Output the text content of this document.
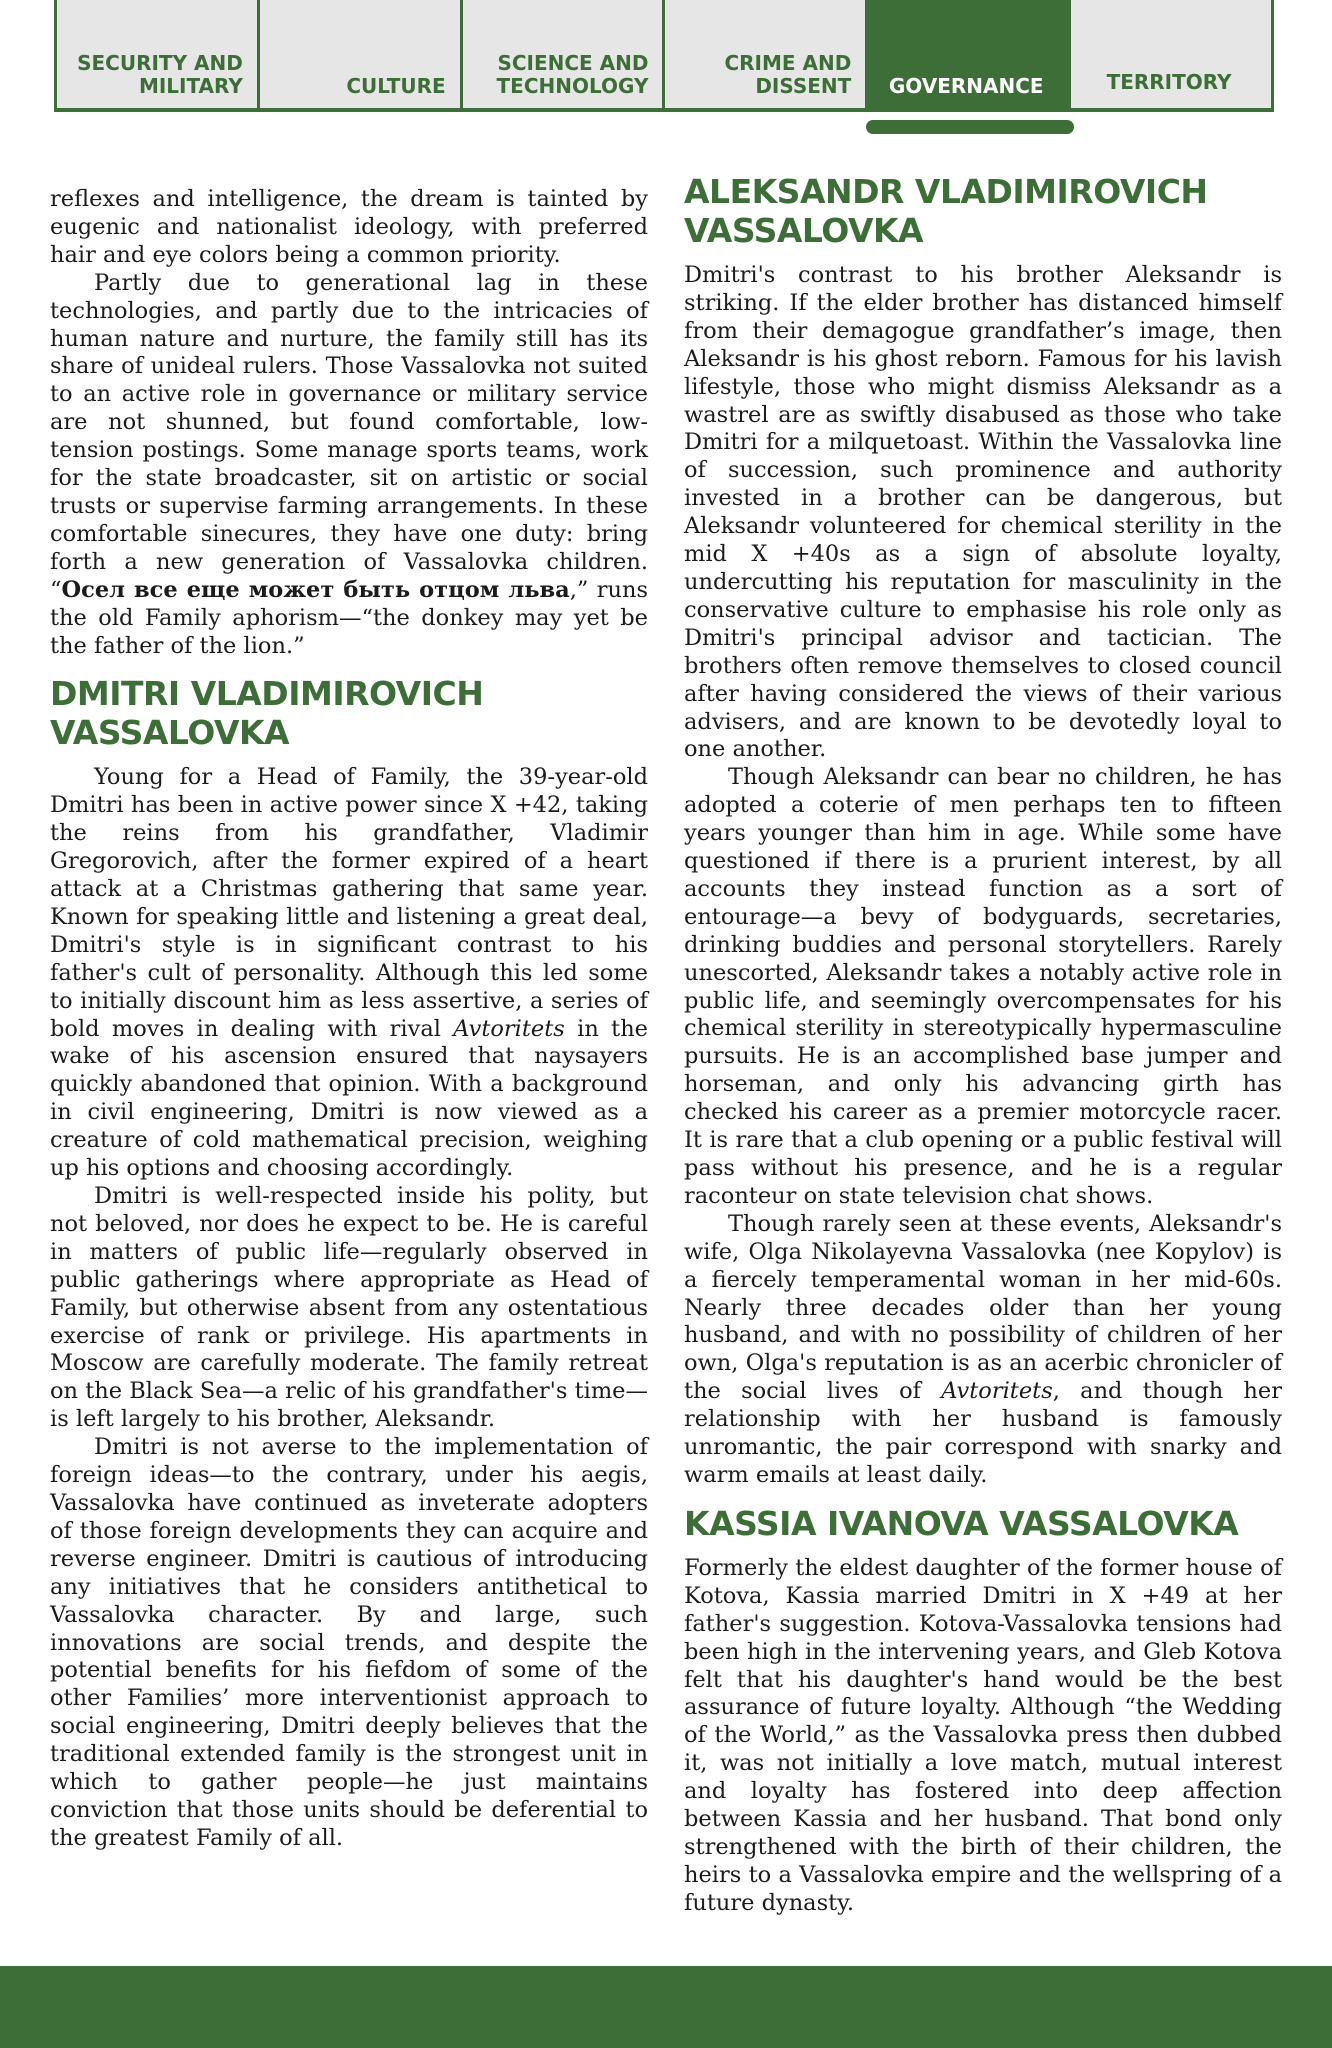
SECURITY AND MILITARY	CULTURE
SCIENCE AND TECHNOLOGY
CRIME AND DISSENT	GOVERNANCE	TERRITORY

reflexes and intelligence, the dream is tainted by eugenic and nationalist ideology, with preferred hair and eye colors being a common priority.

Partly due to generational lag in these technologies, and partly due to the intricacies of human nature and nurture, the family still has its share of unideal rulers. Those Vassalovka not suited to an active role in governance or military service are not shunned, but found comfortable, low-tension postings. Some manage sports teams, work for the state broadcaster, sit on artistic or social trusts or supervise farming arrangements. In these comfortable sinecures, they have one duty: bring forth a new generation of Vassalovka children. “Осел все еще может быть отцом льва,” runs the old Family aphorism—“the donkey may yet be the father of the lion.”

DMITRI VLADIMIROVICH VASSALOVKA

Young for a Head of Family, the 39-year-old Dmitri has been in active power since X +42, taking the reins from his grandfather, Vladimir Gregorovich, after the former expired of a heart attack at a Christmas gathering that same year. Known for speaking little and listening a great deal, Dmitri's style is in significant contrast to his father's cult of personality. Although this led some to initially discount him as less assertive, a series of bold moves in dealing with rival Avtoritets in the wake of his ascension ensured that naysayers quickly abandoned that opinion. With a background in civil engineering, Dmitri is now viewed as a creature of cold mathematical precision, weighing up his options and choosing accordingly.

Dmitri is well-respected inside his polity, but not beloved, nor does he expect to be. He is careful in matters of public life—regularly observed in public gatherings where appropriate as Head of Family, but otherwise absent from any ostentatious exercise of rank or privilege. His apartments in Moscow are carefully moderate. The family retreat on the Black Sea—a relic of his grandfather's time—is left largely to his brother, Aleksandr.

Dmitri is not averse to the implementation of foreign ideas—to the contrary, under his aegis, Vassalovka have continued as inveterate adopters of those foreign developments they can acquire and reverse engineer. Dmitri is cautious of introducing any initiatives that he considers antithetical to Vassalovka character. By and large, such innovations are social trends, and despite the potential benefits for his fiefdom of some of the other Families’ more interventionist approach to social engineering, Dmitri deeply believes that the traditional extended family is the strongest unit in which to gather people—he just maintains conviction that those units should be deferential to the greatest Family of all.

ALEKSANDR VLADIMIROVICH VASSALOVKA

Dmitri's contrast to his brother Aleksandr is striking. If the elder brother has distanced himself from their demagogue grandfather’s image, then Aleksandr is his ghost reborn. Famous for his lavish lifestyle, those who might dismiss Aleksandr as a wastrel are as swiftly disabused as those who take Dmitri for a milquetoast. Within the Vassalovka line of succession, such prominence and authority invested in a brother can be dangerous, but Aleksandr volunteered for chemical sterility in the mid X +40s as a sign of absolute loyalty, undercutting his reputation for masculinity in the conservative culture to emphasise his role only as Dmitri's principal advisor and tactician. The brothers often remove themselves to closed council after having considered the views of their various advisers, and are known to be devotedly loyal to one another.

Though Aleksandr can bear no children, he has adopted a coterie of men perhaps ten to fifteen years younger than him in age. While some have questioned if there is a prurient interest, by all accounts they instead function as a sort of entourage—a bevy of bodyguards, secretaries, drinking buddies and personal storytellers. Rarely unescorted, Aleksandr takes a notably active role in public life, and seemingly overcompensates for his chemical sterility in stereotypically hypermasculine pursuits. He is an accomplished base jumper and horseman, and only his advancing girth has checked his career as a premier motorcycle racer. It is rare that a club opening or a public festival will pass without his presence, and he is a regular raconteur on state television chat shows.

Though rarely seen at these events, Aleksandr's wife, Olga Nikolayevna Vassalovka (nee Kopylov) is a fiercely temperamental woman in her mid-60s. Nearly three decades older than her young husband, and with no possibility of children of her own, Olga's reputation is as an acerbic chronicler of the social lives of Avtoritets, and though her relationship with her husband is famously unromantic, the pair correspond with snarky and warm emails at least daily.

KASSIA IVANOVA VASSALOVKA

Formerly the eldest daughter of the former house of Kotova, Kassia married Dmitri in X +49 at her father's suggestion. Kotova-Vassalovka tensions had been high in the intervening years, and Gleb Kotova felt that his daughter's hand would be the best assurance of future loyalty. Although “the Wedding of the World,” as the Vassalovka press then dubbed it, was not initially a love match, mutual interest and loyalty has fostered into deep affection between Kassia and her husband. That bond only strengthened with the birth of their children, the heirs to a Vassalovka empire and the wellspring of a future dynasty.
